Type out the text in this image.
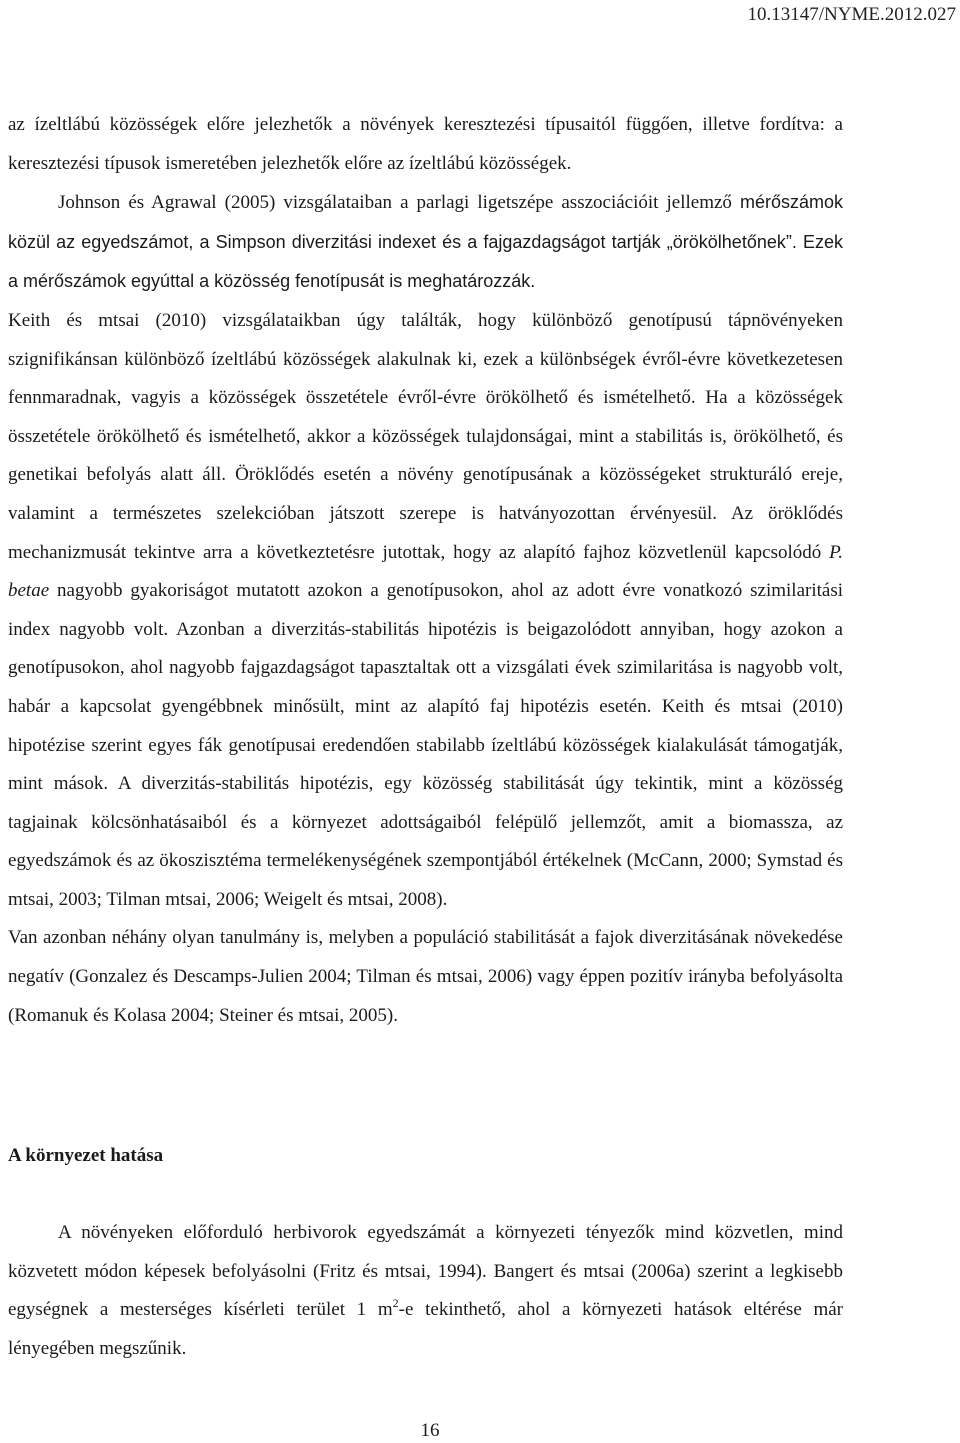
10.13147/NYME.2012.027

az ízeltlábú közösségek előre jelezhetők a növények keresztezési típusaitól függően, illetve fordítva: a keresztezési típusok ismeretében jelezhetők előre az ízeltlábú közösségek.

Johnson és Agrawal (2005) vizsgálataiban a parlagi ligetszépe asszociációit jellemző mérőszámok közül az egyedszámot, a Simpson diverzitási indexet és a fajgazdagságot tartják „örökölhetőnek”. Ezek a mérőszámok egyúttal a közösség fenotípusát is meghatározzák.

Keith és mtsai (2010) vizsgálataikban úgy találták, hogy különböző genotípusú tápnövényeken szignifikánsan különböző ízeltlábú közösségek alakulnak ki, ezek a különbségek évről-évre következetesen fennmaradnak, vagyis a közösségek összetétele évről-évre örökölhető és ismételhető. Ha a közösségek összetétele örökölhető és ismételhető, akkor a közösségek tulajdonságai, mint a stabilitás is, örökölhető, és genetikai befolyás alatt áll. Öröklődés esetén a növény genotípusának a közösségeket strukturáló ereje, valamint a természetes szelekcióban játszott szerepe is hatványozottan érvényesül. Az öröklődés mechanizmusát tekintve arra a következtetésre jutottak, hogy az alapító fajhoz közvetlenül kapcsolódó P. betae nagyobb gyakoriságot mutatott azokon a genotípusokon, ahol az adott évre vonatkozó szimilaritási index nagyobb volt. Azonban a diverzitás-stabilitás hipotézis is beigazolódott annyiban, hogy azokon a genotípusokon, ahol nagyobb fajgazdagságot tapasztaltak ott a vizsgálati évek szimilaritása is nagyobb volt, habár a kapcsolat gyengébbnek minősült, mint az alapító faj hipotézis esetén. Keith és mtsai (2010) hipotézise szerint egyes fák genotípusai eredendően stabilabb ízeltlábú közösségek kialakulását támogatják, mint mások. A diverzitás-stabilitás hipotézis, egy közösség stabilitását úgy tekintik, mint a közösség tagjainak kölcsönhatásaiból és a környezet adottságaiból felépülő jellemzőt, amit a biomassza, az egyedszámok és az ökoszisztéma termelékenységének szempontjából értékelnek (McCann, 2000; Symstad és mtsai, 2003; Tilman mtsai, 2006; Weigelt és mtsai, 2008).

Van azonban néhány olyan tanulmány is, melyben a populáció stabilitását a fajok diverzitásának növekedése negatív (Gonzalez és Descamps-Julien 2004; Tilman és mtsai, 2006) vagy éppen pozitív irányba befolyásolta (Romanuk és Kolasa 2004; Steiner és mtsai, 2005).

A környezet hatása

A növényeken előforduló herbivorok egyedszámát a környezeti tényezők mind közvetlen, mind közvetett módon képesek befolyásolni (Fritz és mtsai, 1994). Bangert és mtsai (2006a) szerint a legkisebb egységnek a mesterséges kísérleti terület 1 $m^2-e$ tekinthető, ahol a környezeti hatások eltérése már lényegében megszűnik.

16
